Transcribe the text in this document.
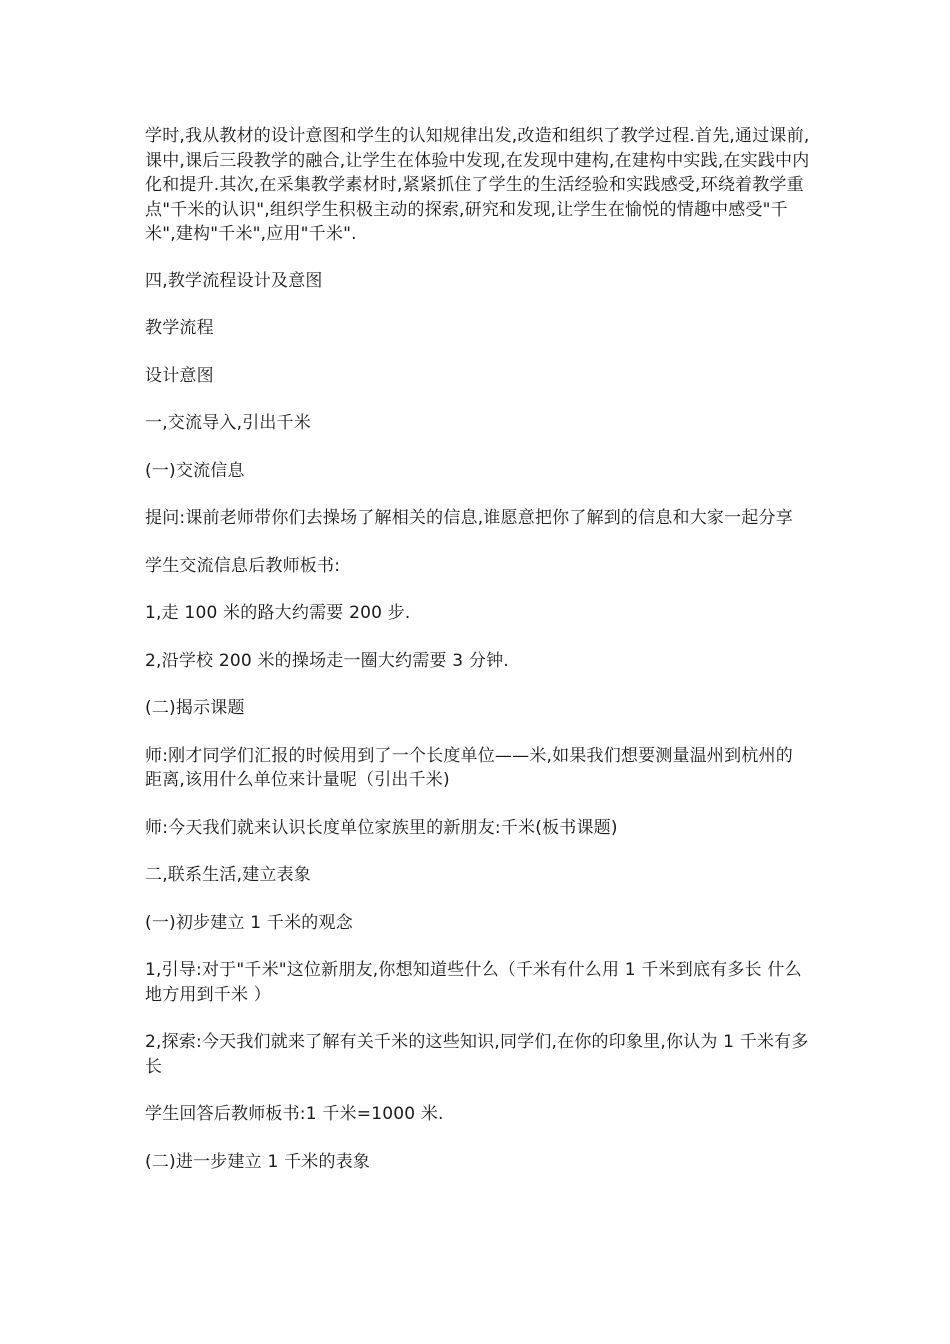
学时,我从教材的设计意图和学生的认知规律出发,改造和组织了教学过程.首先,通过课前,课中,课后三段教学的融合,让学生在体验中发现,在发现中建构,在建构中实践,在实践中内化和提升.其次,在采集教学素材时,紧紧抓住了学生的生活经验和实践感受,环绕着教学重点"千米的认识",组织学生积极主动的探索,研究和发现,让学生在愉悦的情趣中感受"千米",建构"千米",应用"千米".

四,教学流程设计及意图

教学流程

设计意图

一,交流导入,引出千米

(一)交流信息

提问:课前老师带你们去操场了解相关的信息,谁愿意把你了解到的信息和大家一起分享

学生交流信息后教师板书:

1,走 100 米的路大约需要 200 步.

2,沿学校 200 米的操场走一圈大约需要 3 分钟.

(二)揭示课题

师:刚才同学们汇报的时候用到了一个长度单位——米,如果我们想要测量温州到杭州的距离,该用什么单位来计量呢（引出千米)

师:今天我们就来认识长度单位家族里的新朋友:千米(板书课题)

二,联系生活,建立表象

(一)初步建立 1 千米的观念

1,引导:对于"千米"这位新朋友,你想知道些什么（千米有什么用 1 千米到底有多长 什么地方用到千米 ）

2,探索:今天我们就来了解有关千米的这些知识,同学们,在你的印象里,你认为 1 千米有多长

学生回答后教师板书:1 千米=1000 米.

(二)进一步建立 1 千米的表象
